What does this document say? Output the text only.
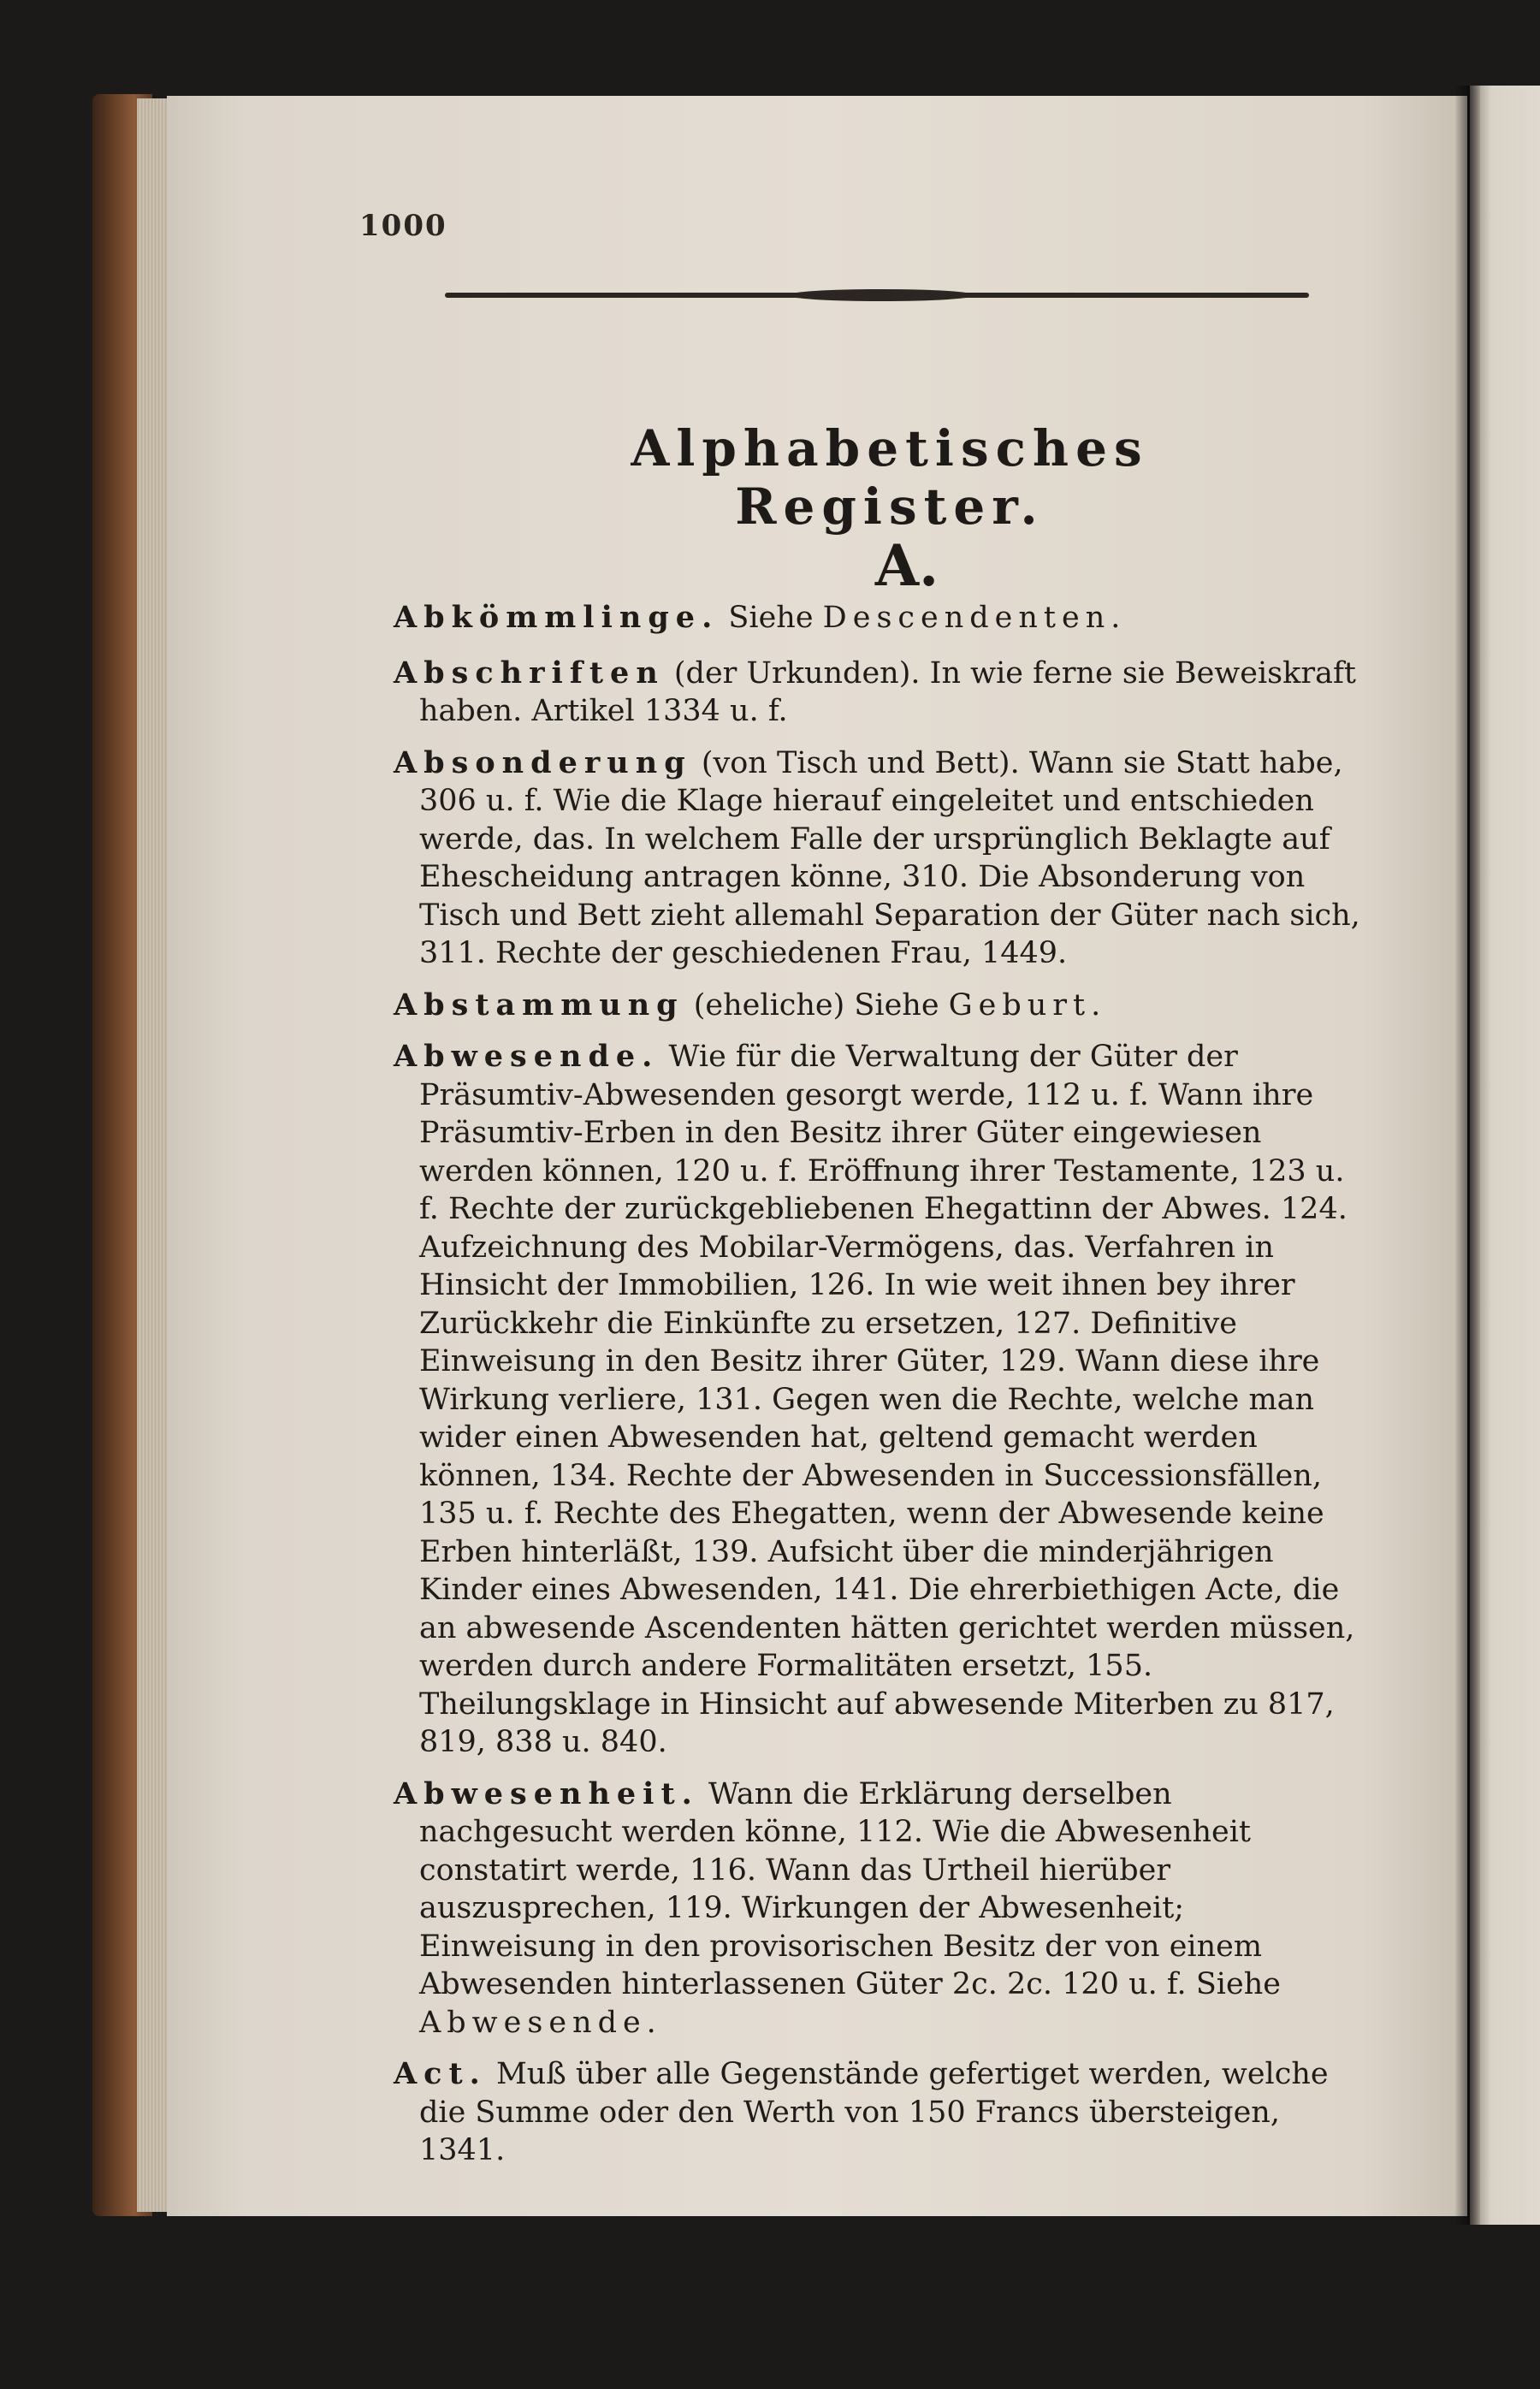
1000
Alphabetisches Register.
A.

Abkömmlinge. Siehe Descendenten.

Abschriften (der Urkunden). In wie ferne sie Beweiskraft haben. Artikel 1334 u. f.

Absonderung (von Tisch und Bett). Wann sie Statt habe, 306 u. f. Wie die Klage hierauf eingeleitet und entschieden werde, das. In welchem Falle der ursprünglich Beklagte auf Ehescheidung antragen könne, 310. Die Absonderung von Tisch und Bett zieht allemahl Separation der Güter nach sich, 311. Rechte der geschiedenen Frau, 1449.

Abstammung (eheliche) Siehe Geburt.

Abwesende. Wie für die Verwaltung der Güter der Präsumtiv-Abwesenden gesorgt werde, 112 u. f. Wann ihre Präsumtiv-Erben in den Besitz ihrer Güter eingewiesen werden können, 120 u. f. Eröffnung ihrer Testamente, 123 u. f. Rechte der zurückgebliebenen Ehegattinn der Abwes. 124. Aufzeichnung des Mobilar-Vermögens, das. Verfahren in Hinsicht der Immobilien, 126. In wie weit ihnen bey ihrer Zurückkehr die Einkünfte zu ersetzen, 127. Definitive Einweisung in den Besitz ihrer Güter, 129. Wann diese ihre Wirkung verliere, 131. Gegen wen die Rechte, welche man wider einen Abwesenden hat, geltend gemacht werden können, 134. Rechte der Abwesenden in Successionsfällen, 135 u. f. Rechte des Ehegatten, wenn der Abwesende keine Erben hinterläßt, 139. Aufsicht über die minderjährigen Kinder eines Abwesenden, 141. Die ehrerbiethigen Acte, die an abwesende Ascendenten hätten gerichtet werden müssen, werden durch andere Formalitäten ersetzt, 155. Theilungsklage in Hinsicht auf abwesende Miterben zu 817, 819, 838 u. 840.

Abwesenheit. Wann die Erklärung derselben nachgesucht werden könne, 112. Wie die Abwesenheit constatirt werde, 116. Wann das Urtheil hierüber auszusprechen, 119. Wirkungen der Abwesenheit; Einweisung in den provisorischen Besitz der von einem Abwesenden hinterlassenen Güter 2c. 2c. 120 u. f. Siehe Abwesende.

Act. Muß über alle Gegenstände gefertiget werden, welche die Summe oder den Werth von 150 Francs übersteigen, 1341.
